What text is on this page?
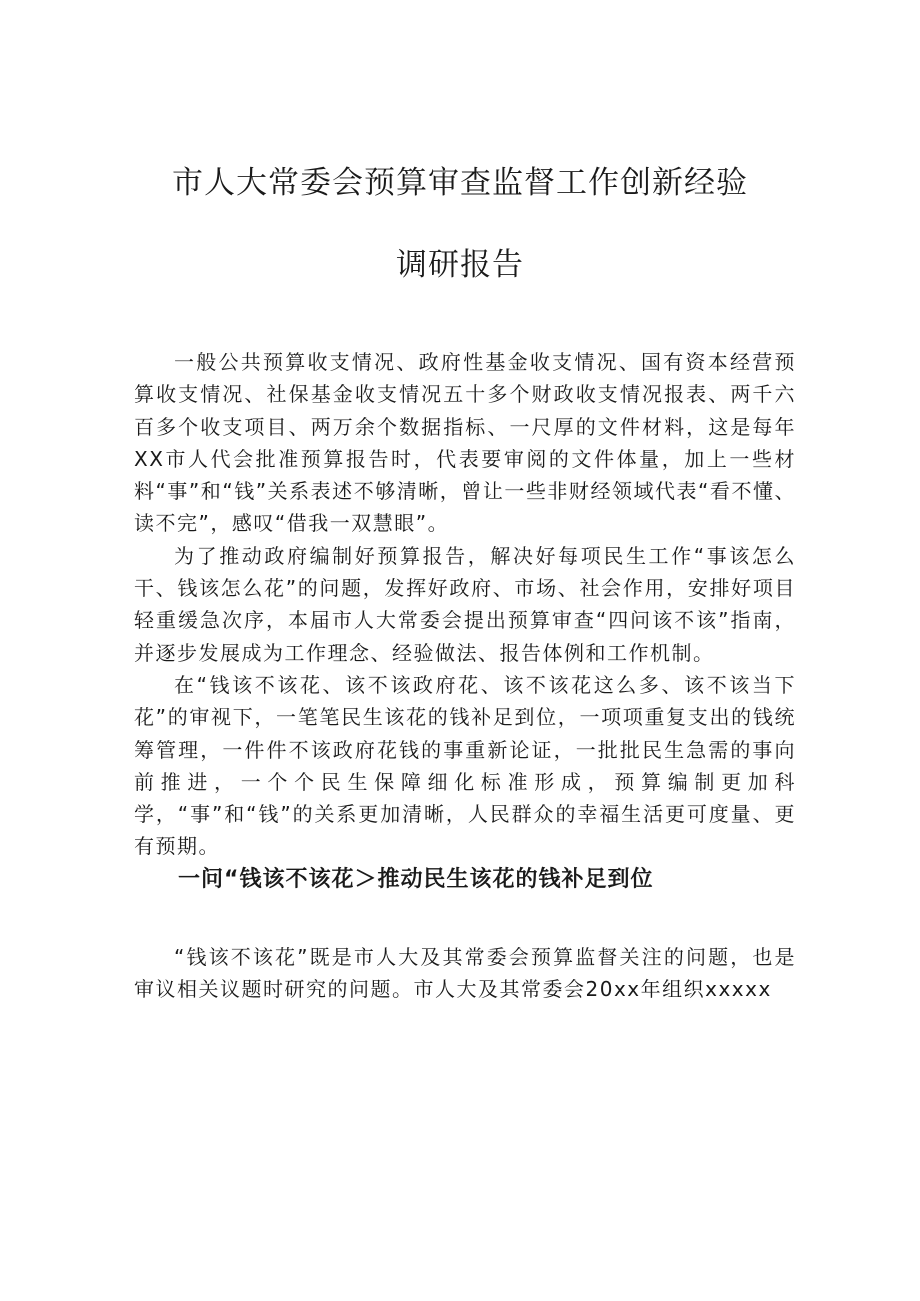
市人大常委会预算审查监督工作创新经验
调研报告

一般公共预算收支情况、政府性基金收支情况、国有资本经营预算收支情况、社保基金收支情况五十多个财政收支情况报表、两千六百多个收支项目、两万余个数据指标、一尺厚的文件材料，这是每年XX市人代会批准预算报告时，代表要审阅的文件体量，加上一些材料“事”和“钱”关系表述不够清晰，曾让一些非财经领域代表“看不懂、读不完”，感叹“借我一双慧眼”。

为了推动政府编制好预算报告，解决好每项民生工作“事该怎么干、钱该怎么花”的问题，发挥好政府、市场、社会作用，安排好项目轻重缓急次序，本届市人大常委会提出预算审查“四问该不该”指南，并逐步发展成为工作理念、经验做法、报告体例和工作机制。

在“钱该不该花、该不该政府花、该不该花这么多、该不该当下花”的审视下，一笔笔民生该花的钱补足到位，一项项重复支出的钱统筹管理，一件件不该政府花钱的事重新论证，一批批民生急需的事向前推进，一个个民生保障细化标准形成，预算编制更加科学，“事”和“钱”的关系更加清晰，人民群众的幸福生活更可度量、更有预期。

一问“钱该不该花＞推动民生该花的钱补足到位

“钱该不该花”既是市人大及其常委会预算监督关注的问题，也是审议相关议题时研究的问题。市人大及其常委会20xx年组织xxxxx
